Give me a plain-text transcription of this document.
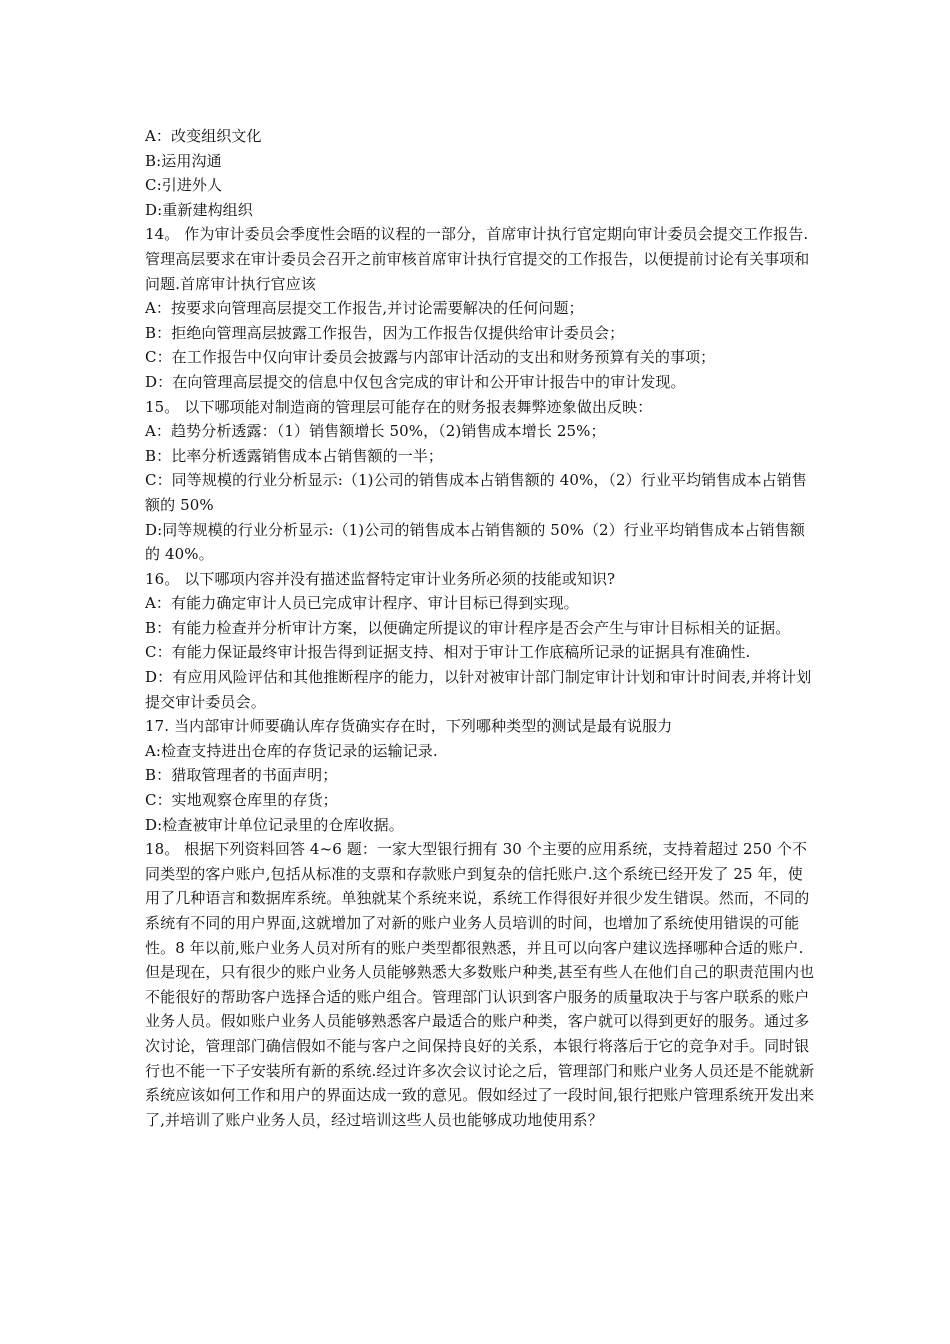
A：改变组织文化

B:运用沟通

C:引进外人

D:重新建构组织

14。 作为审计委员会季度性会晤的议程的一部分，首席审计执行官定期向审计委员会提交工作报告.管理高层要求在审计委员会召开之前审核首席审计执行官提交的工作报告，以便提前讨论有关事项和问题.首席审计执行官应该

A：按要求向管理高层提交工作报告,并讨论需要解决的任何问题；

B：拒绝向管理高层披露工作报告，因为工作报告仅提供给审计委员会；

C：在工作报告中仅向审计委员会披露与内部审计活动的支出和财务预算有关的事项；

D：在向管理高层提交的信息中仅包含完成的审计和公开审计报告中的审计发现。

15。 以下哪项能对制造商的管理层可能存在的财务报表舞弊迹象做出反映：

A：趋势分析透露：（1）销售额增长 50%，（2)销售成本增长 25%；

B：比率分析透露销售成本占销售额的一半；

C：同等规模的行业分析显示:（1)公司的销售成本占销售额的 40%，（2）行业平均销售成本占销售额的 50%

D:同等规模的行业分析显示:（1)公司的销售成本占销售额的 50%（2）行业平均销售成本占销售额的 40%。

16。 以下哪项内容并没有描述监督特定审计业务所必须的技能或知识?

A：有能力确定审计人员已完成审计程序、审计目标已得到实现。

B：有能力检查并分析审计方案，以便确定所提议的审计程序是否会产生与审计目标相关的证据。

C：有能力保证最终审计报告得到证据支持、相对于审计工作底稿所记录的证据具有准确性.

D：有应用风险评估和其他推断程序的能力，以针对被审计部门制定审计计划和审计时间表,并将计划提交审计委员会。

17. 当内部审计师要确认库存货确实存在时，下列哪种类型的测试是最有说服力

A:检查支持进出仓库的存货记录的运输记录.

B：猎取管理者的书面声明；

C：实地观察仓库里的存货；

D:检查被审计单位记录里的仓库收据。

18。 根据下列资料回答 4~6 题：一家大型银行拥有 30 个主要的应用系统，支持着超过 250 个不同类型的客户账户,包括从标准的支票和存款账户到复杂的信托账户.这个系统已经开发了 25 年，使用了几种语言和数据库系统。单独就某个系统来说，系统工作得很好并很少发生错误。然而，不同的系统有不同的用户界面,这就增加了对新的账户业务人员培训的时间，也增加了系统使用错误的可能性。8 年以前,账户业务人员对所有的账户类型都很熟悉，并且可以向客户建议选择哪种合适的账户.但是现在，只有很少的账户业务人员能够熟悉大多数账户种类,甚至有些人在他们自己的职责范围内也不能很好的帮助客户选择合适的账户组合。管理部门认识到客户服务的质量取决于与客户联系的账户业务人员。假如账户业务人员能够熟悉客户最适合的账户种类，客户就可以得到更好的服务。通过多次讨论，管理部门确信假如不能与客户之间保持良好的关系，本银行将落后于它的竞争对手。同时银行也不能一下子安装所有新的系统.经过许多次会议讨论之后，管理部门和账户业务人员还是不能就新系统应该如何工作和用户的界面达成一致的意见。假如经过了一段时间,银行把账户管理系统开发出来了,并培训了账户业务人员，经过培训这些人员也能够成功地使用系？
